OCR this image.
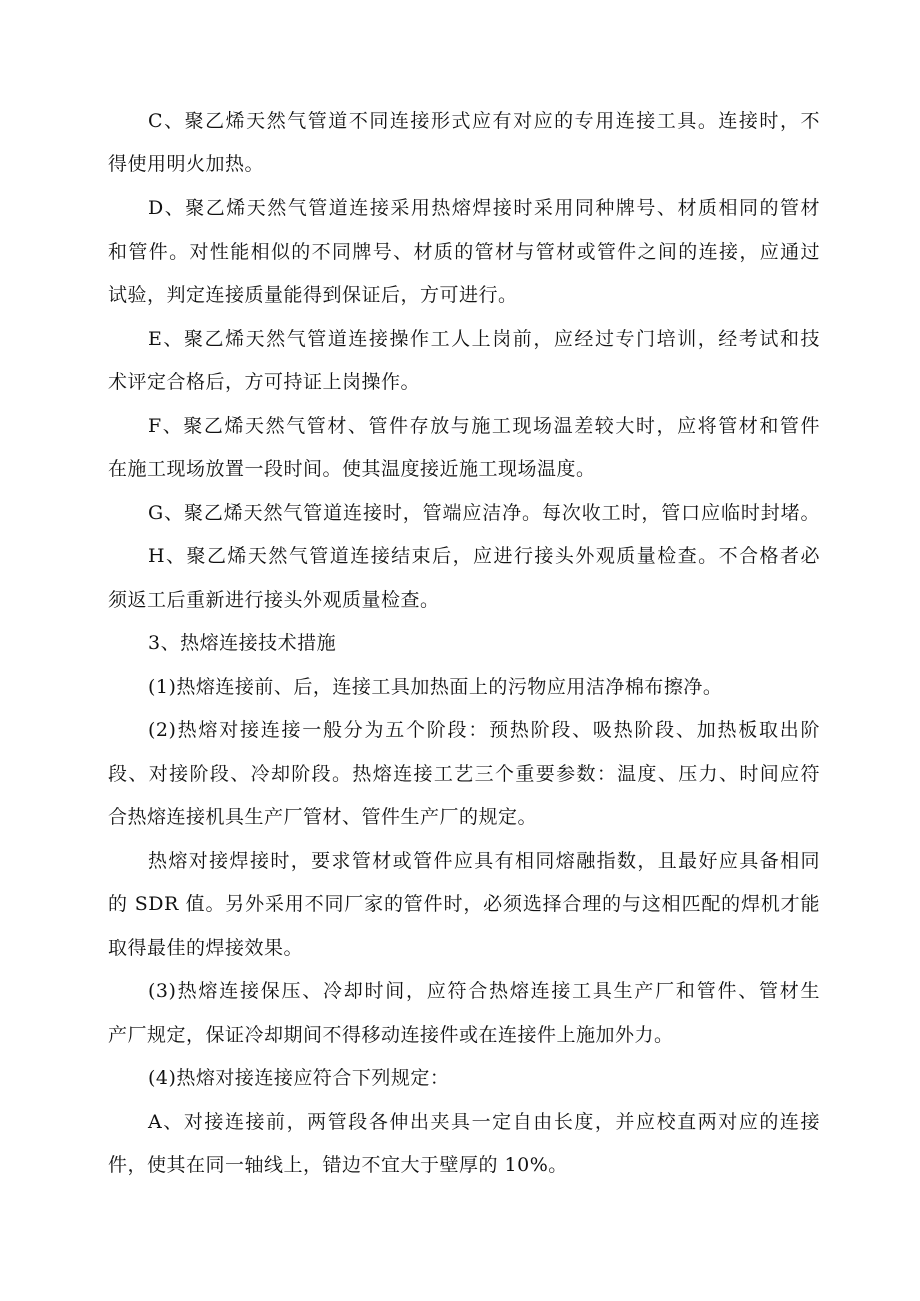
C、聚乙烯天然气管道不同连接形式应有对应的专用连接工具。连接时，不
得使用明火加热。
D、聚乙烯天然气管道连接采用热熔焊接时采用同种牌号、材质相同的管材
和管件。对性能相似的不同牌号、材质的管材与管材或管件之间的连接，应通过
试验，判定连接质量能得到保证后，方可进行。
E、聚乙烯天然气管道连接操作工人上岗前，应经过专门培训，经考试和技
术评定合格后，方可持证上岗操作。
F、聚乙烯天然气管材、管件存放与施工现场温差较大时，应将管材和管件
在施工现场放置一段时间。使其温度接近施工现场温度。
G、聚乙烯天然气管道连接时，管端应洁净。每次收工时，管口应临时封堵。
H、聚乙烯天然气管道连接结束后，应进行接头外观质量检查。不合格者必
须返工后重新进行接头外观质量检查。
3、热熔连接技术措施
(1)热熔连接前、后，连接工具加热面上的污物应用洁净棉布擦净。
(2)热熔对接连接一般分为五个阶段：预热阶段、吸热阶段、加热板取出阶
段、对接阶段、冷却阶段。热熔连接工艺三个重要参数：温度、压力、时间应符
合热熔连接机具生产厂管材、管件生产厂的规定。
热熔对接焊接时，要求管材或管件应具有相同熔融指数，且最好应具备相同
的 SDR 值。另外采用不同厂家的管件时，必须选择合理的与这相匹配的焊机才能
取得最佳的焊接效果。
(3)热熔连接保压、冷却时间，应符合热熔连接工具生产厂和管件、管材生
产厂规定，保证冷却期间不得移动连接件或在连接件上施加外力。
(4)热熔对接连接应符合下列规定：
A、对接连接前，两管段各伸出夹具一定自由长度，并应校直两对应的连接
件，使其在同一轴线上，错边不宜大于壁厚的 10%。
